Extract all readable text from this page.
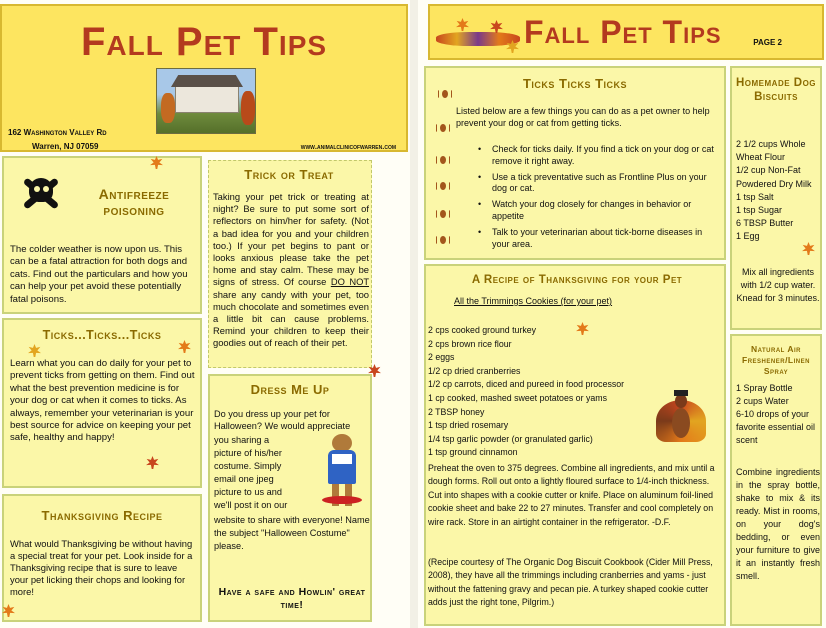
Fall Pet Tips
162 Washington Valley Rd
Warren, NJ 07059	www.animalclinicofwarren.com
Antifreeze poisoning
The colder weather is now upon us. This can be a fatal attraction for both dogs and cats. Find out the particulars and how you can help your pet avoid these potentially fatal poisons.
Trick or Treat
Taking your pet trick or treating at night? Be sure to put some sort of reflectors on him/her for safety. (Not a bad idea for you and your children too.) If your pet begins to pant or looks anxious please take the pet home and stay calm. These may be signs of stress. Of course DO NOT share any candy with your pet, too much chocolate and sometimes even a little bit can cause problems. Remind your children to keep their goodies out of reach of their pet.
Ticks...Ticks...Ticks
Learn what you can do daily for your pet to prevent ticks from getting on them. Find out what the best prevention medicine is for your dog or cat when it comes to ticks. As always, remember your veterinarian is your best source for advice on keeping your pet safe, healthy and happy!
Dress Me Up
Do you dress up your pet for Halloween? We would appreciate
you sharing a
picture of his/her
costume. Simply
email one jpeg
picture to us and
we'll post it on our
website to share with everyone! Name the subject "Halloween Costume" please.
Have a safe and Howlin' great time!
Thanksgiving Recipe
What would Thanksgiving be without having a special treat for your pet. Look inside for a Thanksgiving recipe that is sure to leave your pet licking their chops and looking for more!
Fall Pet Tips	PAGE 2
Ticks Ticks Ticks
Listed below are a few things you can do as a pet owner to help prevent your dog or cat from getting ticks.
• Check for ticks daily. If you find a tick on your dog or cat remove it right away.
• Use a tick preventative such as Frontline Plus on your dog or cat.
• Watch your dog closely for changes in behavior or appetite
• Talk to your veterinarian about tick-borne diseases in your area.
A Recipe of Thanksgiving for your Pet
All the Trimmings Cookies (for your pet)
2 cps cooked ground turkey
2 cps brown rice flour
2 eggs
1/2 cp dried cranberries
1/2 cp carrots, diced and pureed in food processor
1 cp cooked, mashed sweet potatoes or yams
2 TBSP honey
1 tsp dried rosemary
1/4 tsp garlic powder (or granulated garlic)
1 tsp ground cinnamon
Preheat the oven to 375 degrees. Combine all ingredients, and mix until a dough forms. Roll out onto a lightly floured surface to 1/4-inch thickness. Cut into shapes with a cookie cutter or knife. Place on aluminum foil-lined cookie sheet and bake 22 to 27 minutes. Transfer and cool completely on wire rack. Store in an airtight container in the refrigerator. -D.F.
(Recipe courtesy of The Organic Dog Biscuit Cookbook (Cider Mill Press, 2008), they have all the trimmings including cranberries and yams - just without the fattening gravy and pecan pie. A turkey shaped cookie cutter adds just the right tone, Pilgrim.)
Homemade Dog Biscuits
2 1/2 cups Whole Wheat Flour
1/2 cup Non-Fat Powdered Dry Milk
1 tsp Salt
1 tsp Sugar
6 TBSP Butter
1 Egg
Mix all ingredients with 1/2 cup water. Knead for 3 minutes.
Natural Air Freshener/Linen Spray
1 Spray Bottle
2 cups Water
6-10 drops of your favorite essential oil scent
Combine ingredients in the spray bottle, shake to mix & its ready. Mist in rooms, on your dog's bedding, or even your furniture to give it an instantly fresh smell.
